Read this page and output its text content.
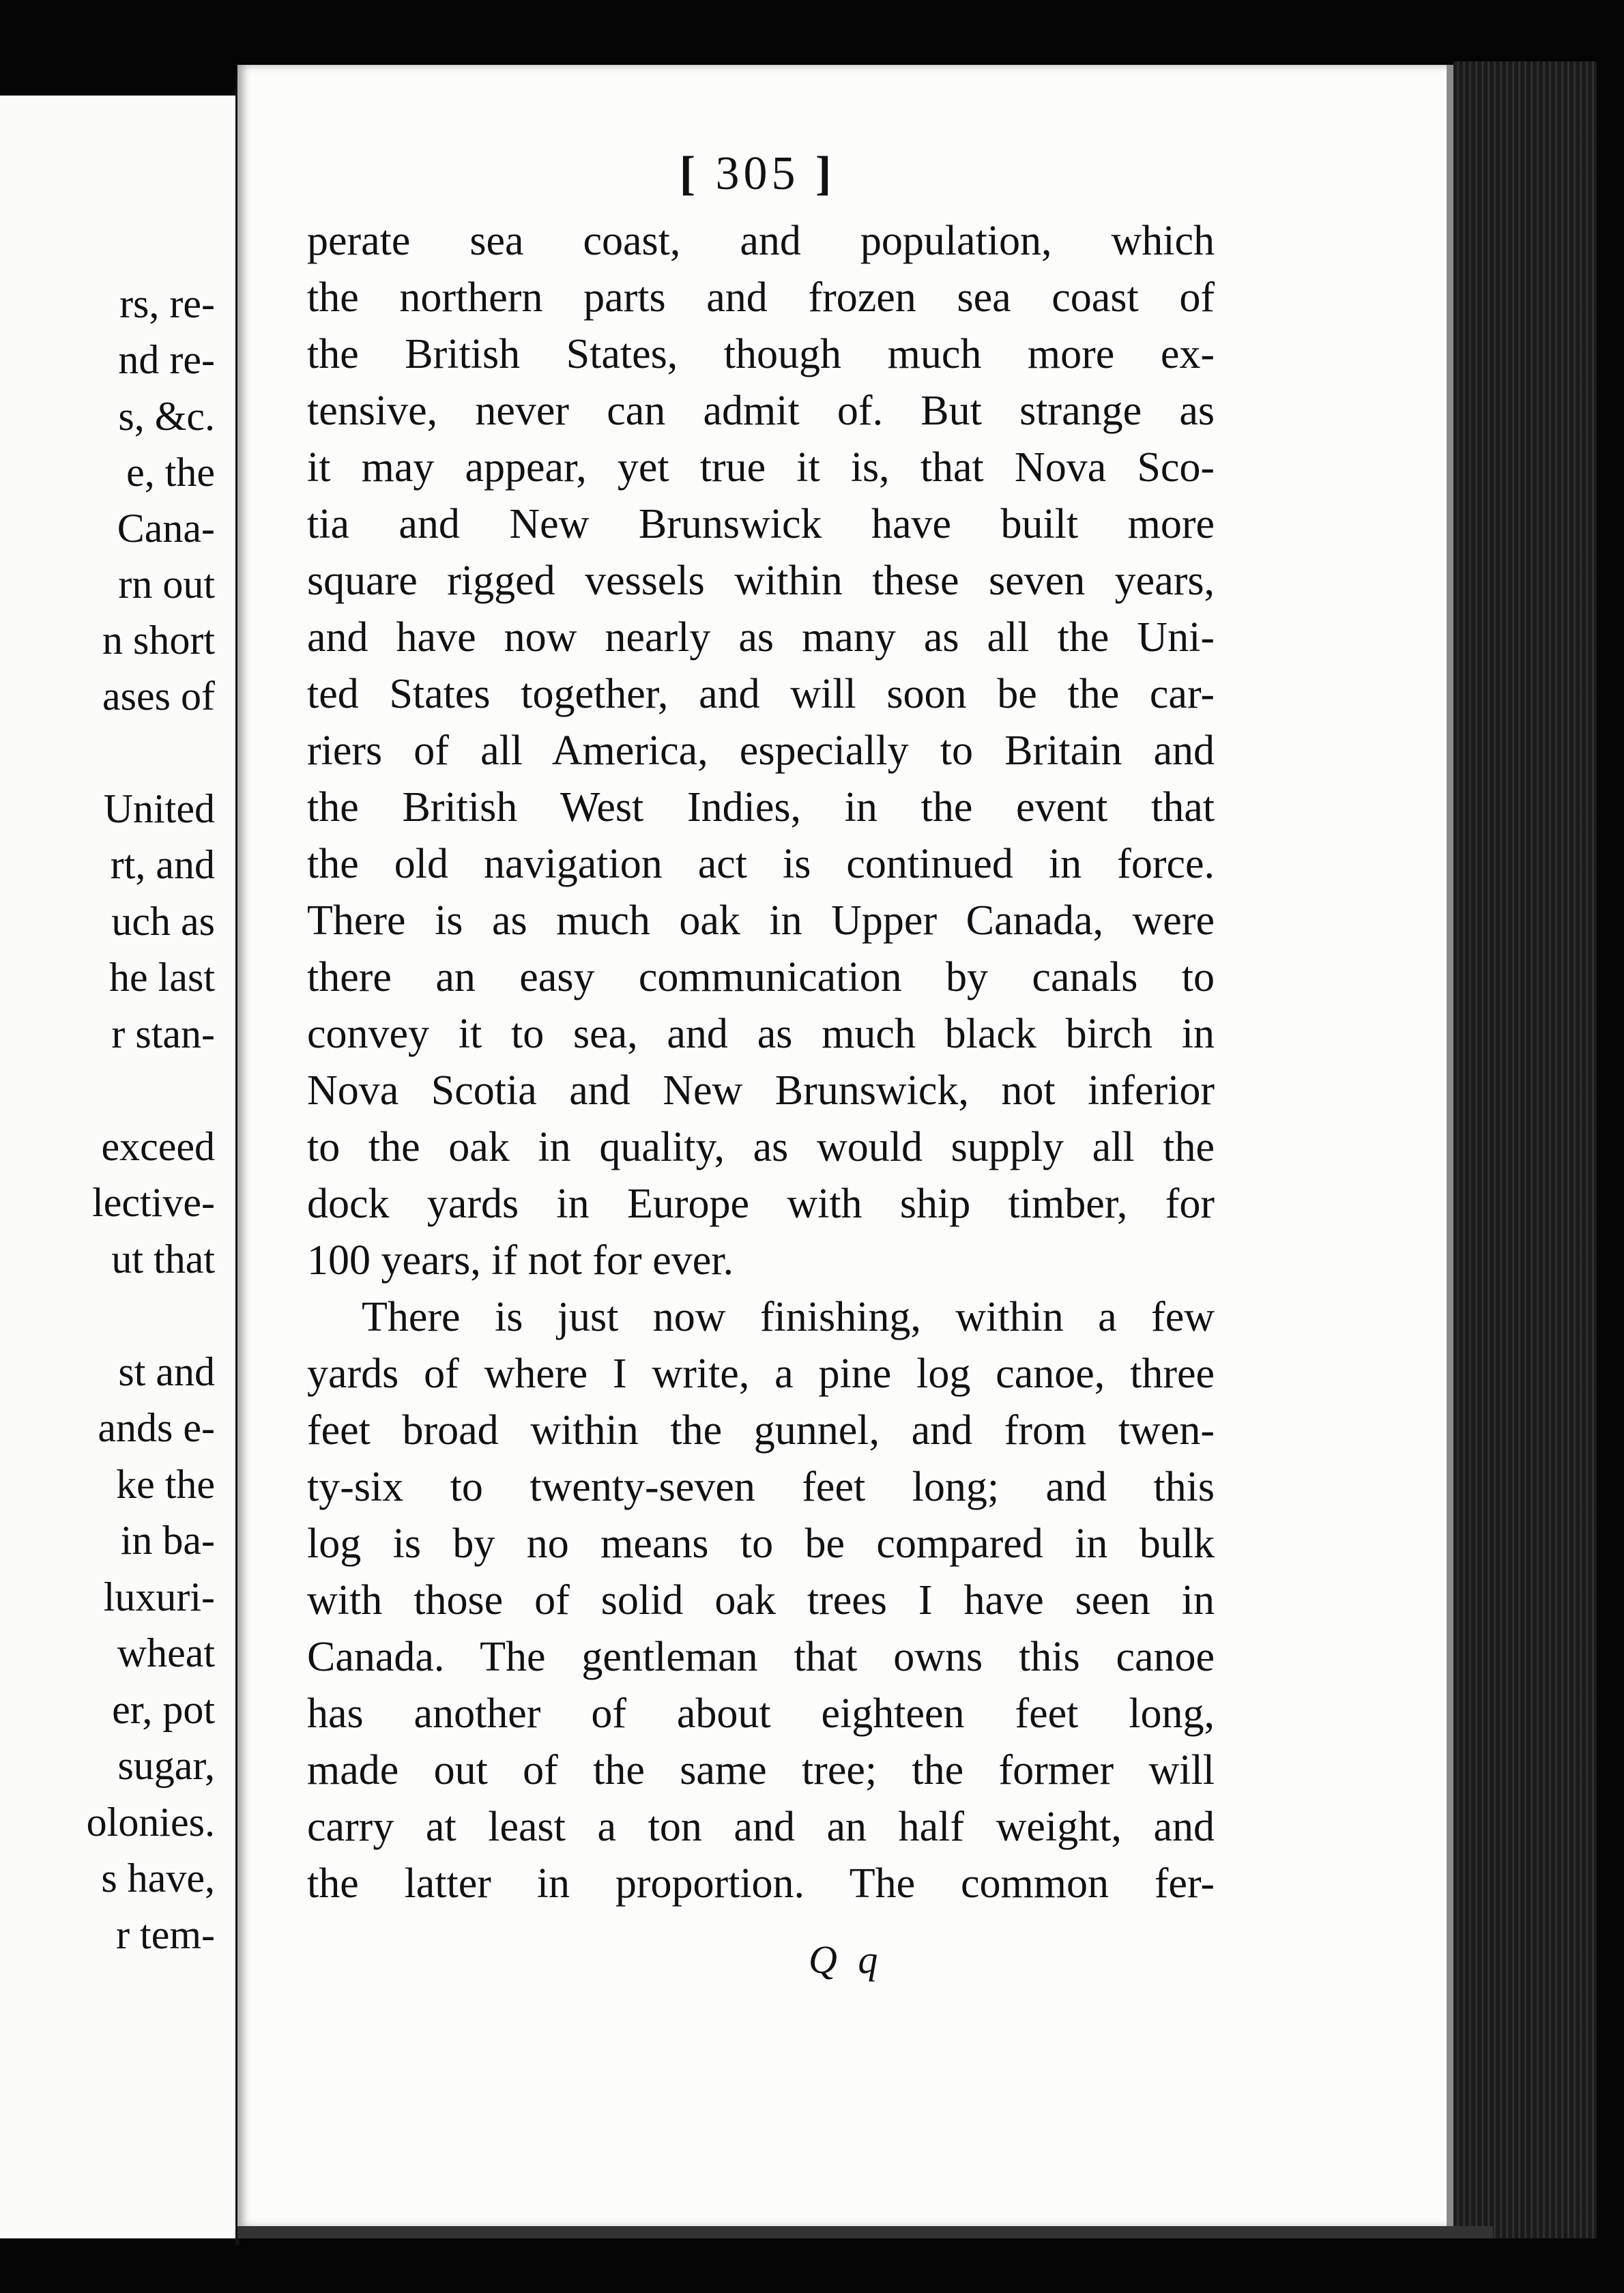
rs, re-
nd re-
s, &c.
e, the
Cana-
rn out
n short
ases of
United
rt, and
uch as
he last
r stan-
exceed
lective-
ut that
st and
ands e-
ke the
in ba-
luxuri-
wheat
er, pot
sugar,
olonies.
s have,
r tem-
[ 305 ]
perate sea coast, and population, which
the northern parts and frozen sea coast of
the British States, though much more ex-
tensive, never can admit of. But strange as
it may appear, yet true it is, that Nova Sco-
tia and New Brunswick have built more
square rigged vessels within these seven years,
and have now nearly as many as all the Uni-
ted States together, and will soon be the car-
riers of all America, especially to Britain and
the British West Indies, in the event that
the old navigation act is continued in force.
There is as much oak in Upper Canada, were
there an easy communication by canals to
convey it to sea, and as much black birch in
Nova Scotia and New Brunswick, not inferior
to the oak in quality, as would supply all the
dock yards in Europe with ship timber, for
100 years, if not for ever.
There is just now finishing, within a few
yards of where I write, a pine log canoe, three
feet broad within the gunnel, and from twen-
ty-six to twenty-seven feet long; and this
log is by no means to be compared in bulk
with those of solid oak trees I have seen in
Canada. The gentleman that owns this canoe
has another of about eighteen feet long,
made out of the same tree; the former will
carry at least a ton and an half weight, and
the latter in proportion. The common fer-
Q q
